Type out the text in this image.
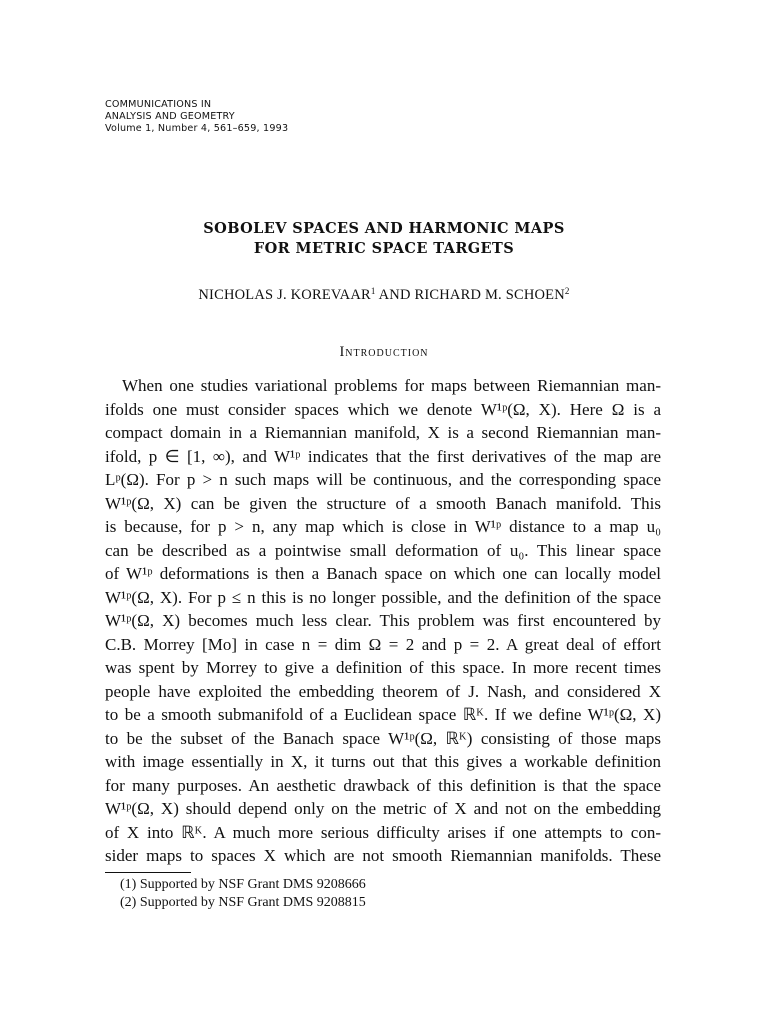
COMMUNICATIONS IN
ANALYSIS AND GEOMETRY
Volume 1, Number 4, 561–659, 1993
SOBOLEV SPACES AND HARMONIC MAPS
FOR METRIC SPACE TARGETS
NICHOLAS J. KOREVAAR$^1$ AND RICHARD M. SCHOEN$^2$
Introduction
When one studies variational problems for maps between Riemannian man-
ifolds one must consider spaces which we denote W¹ᵖ(Ω, X). Here Ω is a
compact domain in a Riemannian manifold, X is a second Riemannian man-
ifold, p ∈ [1, ∞), and W¹ᵖ indicates that the first derivatives of the map are
Lᵖ(Ω). For p > n such maps will be continuous, and the corresponding space
W¹ᵖ(Ω, X) can be given the structure of a smooth Banach manifold. This
is because, for p > n, any map which is close in W¹ᵖ distance to a map u₀
can be described as a pointwise small deformation of u₀. This linear space
of W¹ᵖ deformations is then a Banach space on which one can locally model
W¹ᵖ(Ω, X). For p ≤ n this is no longer possible, and the definition of the space
W¹ᵖ(Ω, X) becomes much less clear. This problem was first encountered by
C.B. Morrey [Mo] in case n = dim Ω = 2 and p = 2. A great deal of effort
was spent by Morrey to give a definition of this space. In more recent times
people have exploited the embedding theorem of J. Nash, and considered X
to be a smooth submanifold of a Euclidean space ℝᴷ. If we define W¹ᵖ(Ω, X)
to be the subset of the Banach space W¹ᵖ(Ω, ℝᴷ) consisting of those maps
with image essentially in X, it turns out that this gives a workable definition
for many purposes. An aesthetic drawback of this definition is that the space
W¹ᵖ(Ω, X) should depend only on the metric of X and not on the embedding
of X into ℝᴷ. A much more serious difficulty arises if one attempts to con-
sider maps to spaces X which are not smooth Riemannian manifolds. These
(1) Supported by NSF Grant DMS 9208666
(2) Supported by NSF Grant DMS 9208815
